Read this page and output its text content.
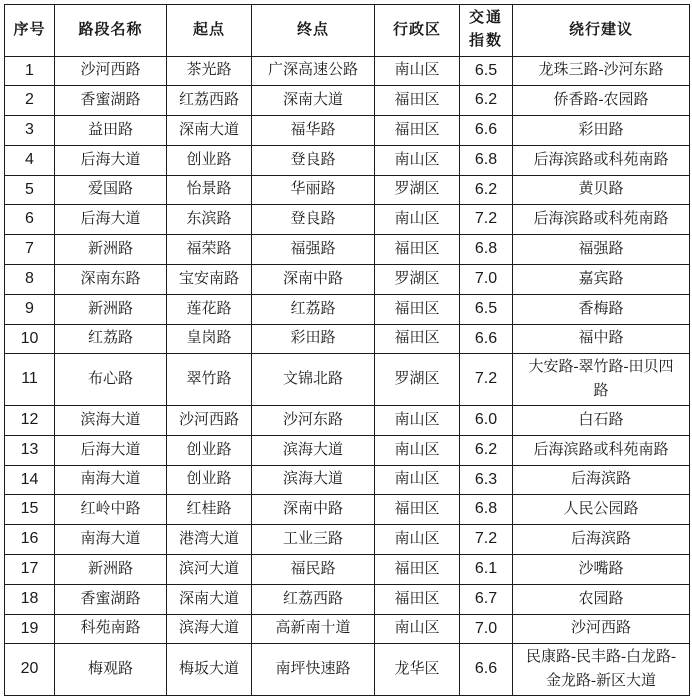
序号	路段名称	起点	终点	行政区	交通指数	绕行建议
1	沙河西路	茶光路	广深高速公路	南山区	6.5	龙珠三路-沙河东路
2	香蜜湖路	红荔西路	深南大道	福田区	6.2	侨香路-农园路
3	益田路	深南大道	福华路	福田区	6.6	彩田路
4	后海大道	创业路	登良路	南山区	6.8	后海滨路或科苑南路
5	爱国路	怡景路	华丽路	罗湖区	6.2	黄贝路
6	后海大道	东滨路	登良路	南山区	7.2	后海滨路或科苑南路
7	新洲路	福荣路	福强路	福田区	6.8	福强路
8	深南东路	宝安南路	深南中路	罗湖区	7.0	嘉宾路
9	新洲路	莲花路	红荔路	福田区	6.5	香梅路
10	红荔路	皇岗路	彩田路	福田区	6.6	福中路
11	布心路	翠竹路	文锦北路	罗湖区	7.2	大安路-翠竹路-田贝四路
12	滨海大道	沙河西路	沙河东路	南山区	6.0	白石路
13	后海大道	创业路	滨海大道	南山区	6.2	后海滨路或科苑南路
14	南海大道	创业路	滨海大道	南山区	6.3	后海滨路
15	红岭中路	红桂路	深南中路	福田区	6.8	人民公园路
16	南海大道	港湾大道	工业三路	南山区	7.2	后海滨路
17	新洲路	滨河大道	福民路	福田区	6.1	沙嘴路
18	香蜜湖路	深南大道	红荔西路	福田区	6.7	农园路
19	科苑南路	滨海大道	高新南十道	南山区	7.0	沙河西路
20	梅观路	梅坂大道	南坪快速路	龙华区	6.6	民康路-民丰路-白龙路-金龙路-新区大道
